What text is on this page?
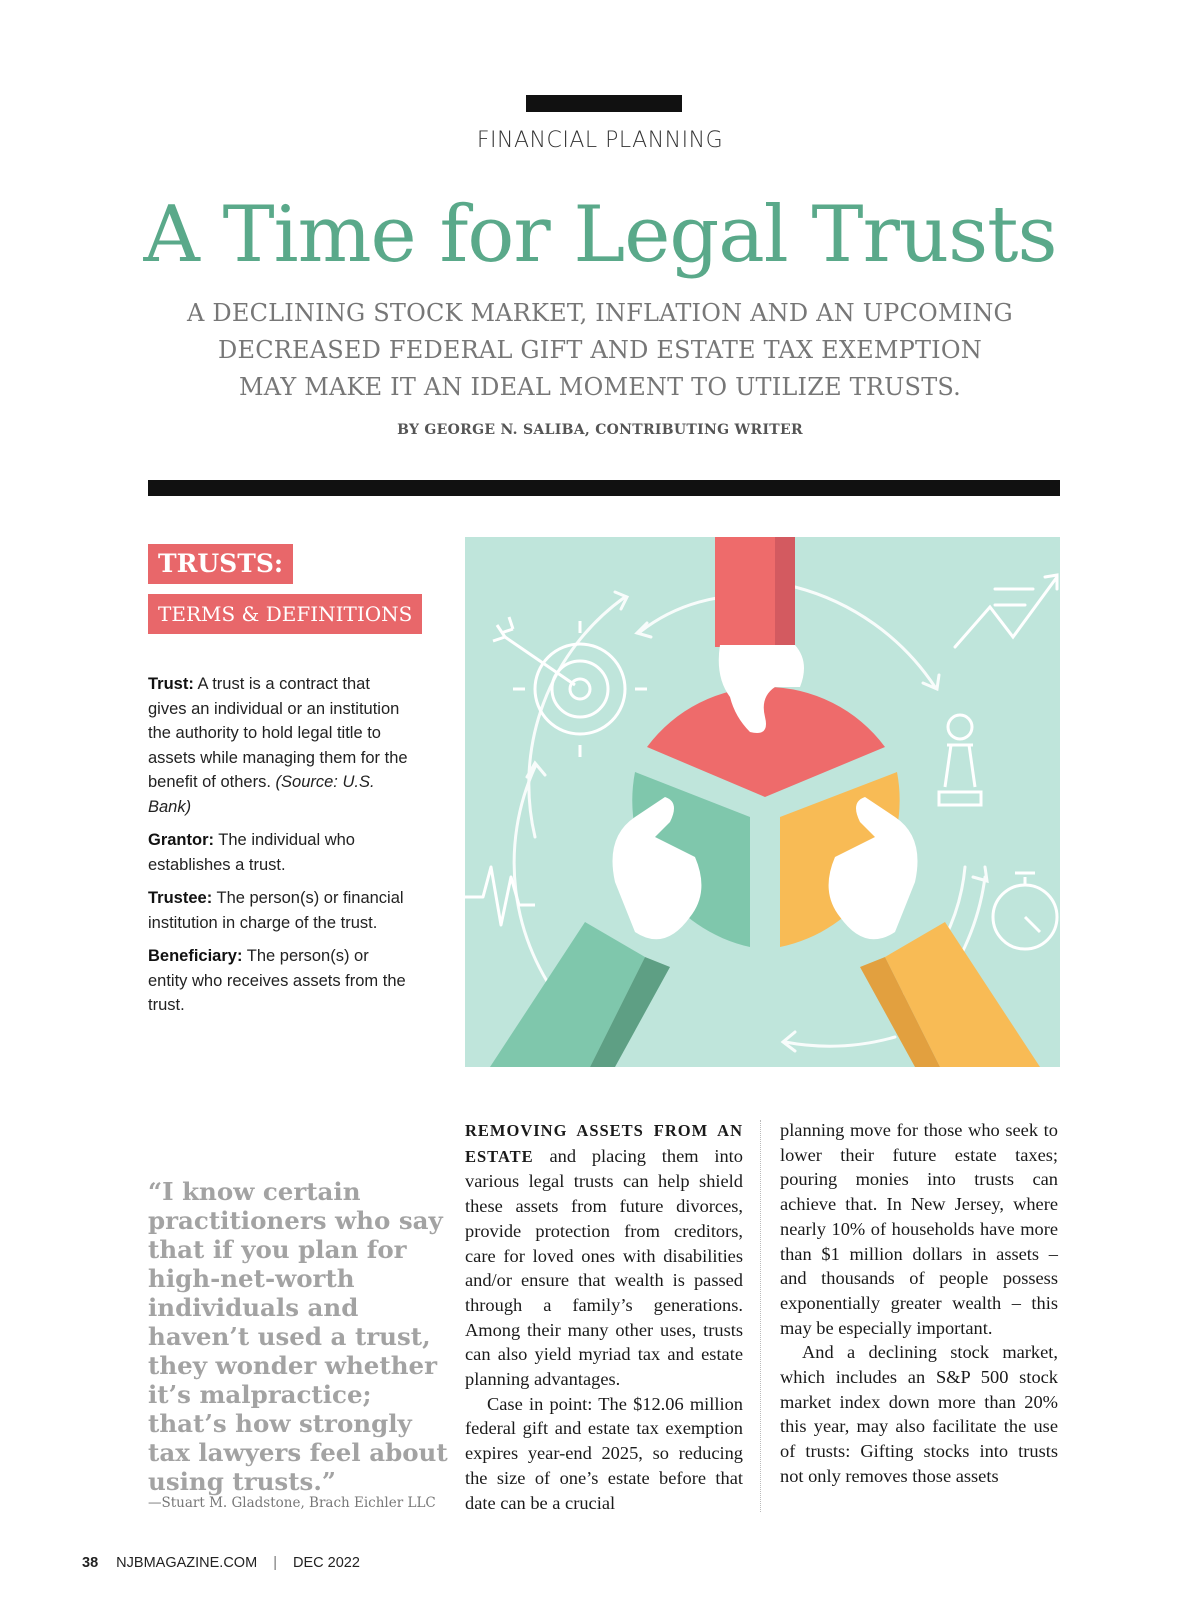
FINANCIAL PLANNING
A Time for Legal Trusts
A DECLINING STOCK MARKET, INFLATION AND AN UPCOMING
DECREASED FEDERAL GIFT AND ESTATE TAX EXEMPTION
MAY MAKE IT AN IDEAL MOMENT TO UTILIZE TRUSTS.
BY GEORGE N. SALIBA, CONTRIBUTING WRITER
TRUSTS:
TERMS & DEFINITIONS

Trust: A trust is a contract that gives an individual or an institution the authority to hold legal title to assets while managing them for the benefit of others. (Source: U.S. Bank)

Grantor: The individual who establishes a trust.

Trustee: The person(s) or financial institution in charge of the trust.

Beneficiary: The person(s) or entity who receives assets from the trust.

“I know certain practitioners who say that if you plan for high-net-worth individuals and haven’t used a trust, they wonder whether it’s malpractice; that’s how strongly tax lawyers feel about using trusts.”
—Stuart M. Gladstone, Brach Eichler LLC

REMOVING ASSETS FROM AN ESTATE and placing them into various legal trusts can help shield these assets from future divorces, provide protection from creditors, care for loved ones with disabilities and/or ensure that wealth is passed through a family’s generations. Among their many other uses, trusts can also yield myriad tax and estate planning advantages.

Case in point: The $12.06 million federal gift and estate tax exemption expires year-end 2025, so reducing the size of one’s estate before that date can be a crucial

planning move for those who seek to lower their future estate taxes; pouring monies into trusts can achieve that. In New Jersey, where nearly 10% of households have more than $1 million dollars in assets – and thousands of people possess exponentially greater wealth – this may be especially important.

And a declining stock market, which includes an S&P 500 stock market index down more than 20% this year, may also facilitate the use of trusts: Gifting stocks into trusts not only removes those assets

38 NJBMAGAZINE.COM | DEC 2022
